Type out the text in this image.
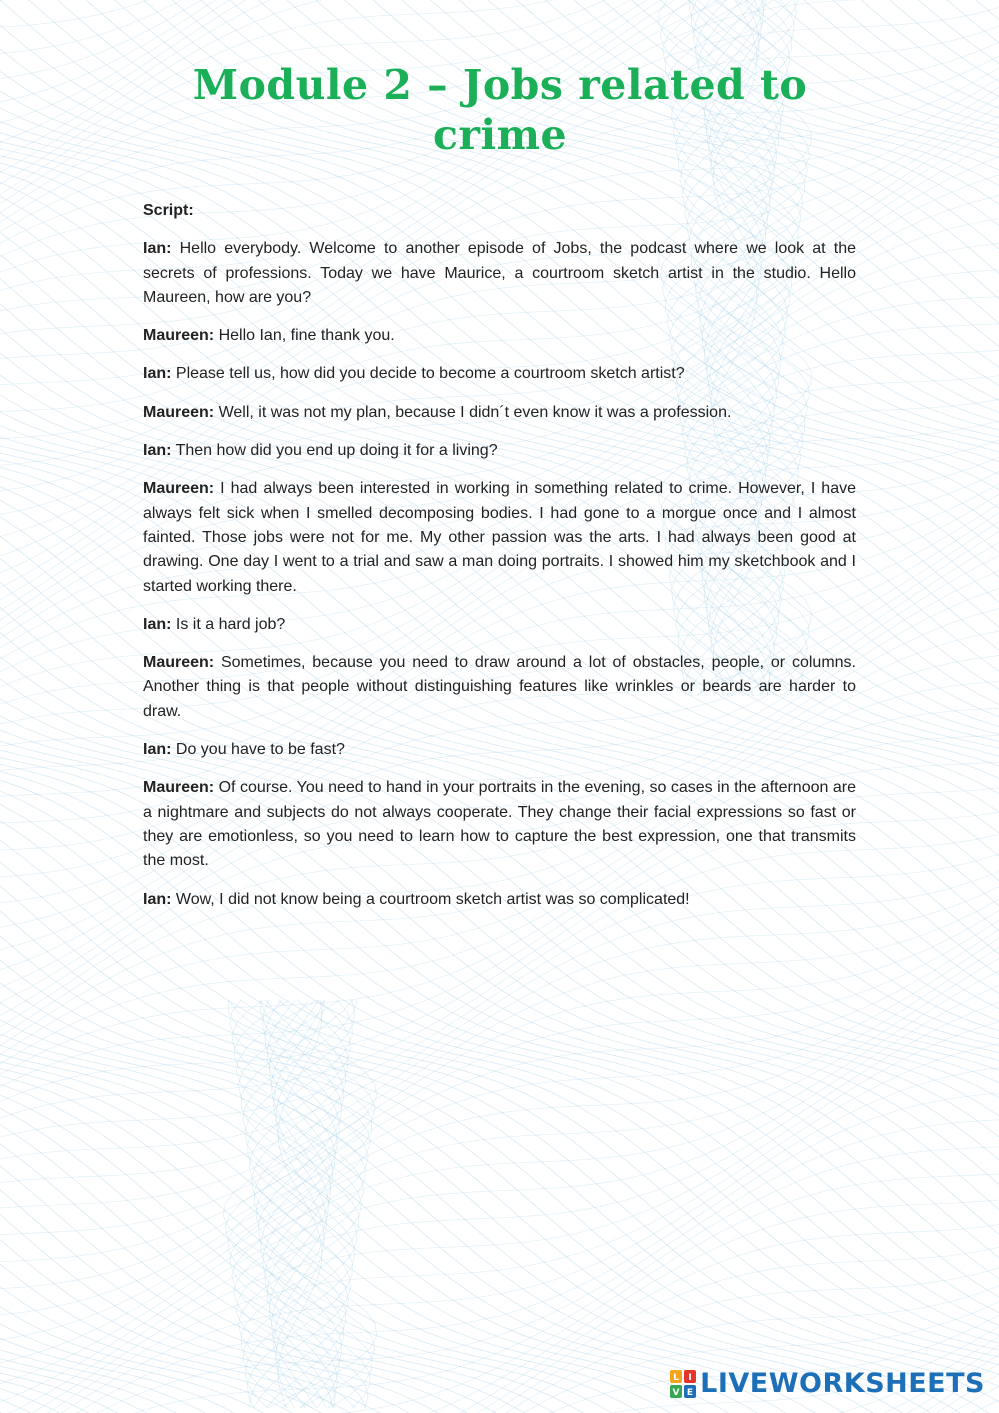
Module 2 – Jobs related to crime

Script:

Ian: Hello everybody. Welcome to another episode of Jobs, the podcast where we look at the secrets of professions. Today we have Maurice, a courtroom sketch artist in the studio. Hello Maureen, how are you?

Maureen: Hello Ian, fine thank you.

Ian: Please tell us, how did you decide to become a courtroom sketch artist?

Maureen: Well, it was not my plan, because I didn´t even know it was a profession.

Ian: Then how did you end up doing it for a living?

Maureen: I had always been interested in working in something related to crime. However, I have always felt sick when I smelled decomposing bodies. I had gone to a morgue once and I almost fainted. Those jobs were not for me. My other passion was the arts. I had always been good at drawing. One day I went to a trial and saw a man doing portraits. I showed him my sketchbook and I started working there.

Ian: Is it a hard job?

Maureen: Sometimes, because you need to draw around a lot of obstacles, people, or columns. Another thing is that people without distinguishing features like wrinkles or beards are harder to draw.

Ian: Do you have to be fast?

Maureen: Of course. You need to hand in your portraits in the evening, so cases in the afternoon are a nightmare and subjects do not always cooperate. They change their facial expressions so fast or they are emotionless, so you need to learn how to capture the best expression, one that transmits the most.

Ian: Wow, I did not know being a courtroom sketch artist was so complicated!

L I
V E LIVEWORKSHEETS
